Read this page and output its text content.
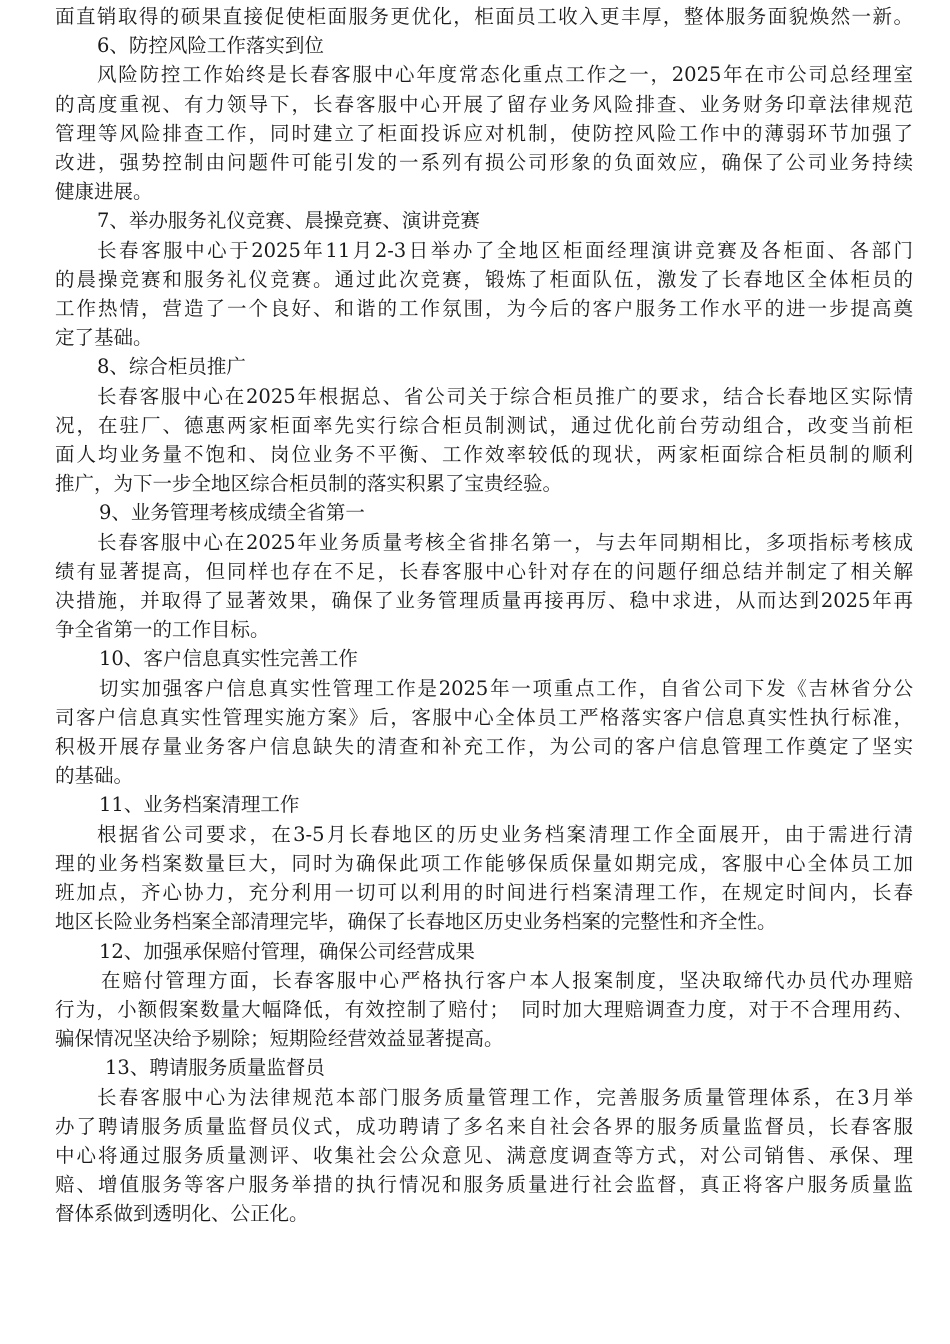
面直销取得的硕果直接促使柜面服务更优化，柜面员工收入更丰厚，整体服务面貌焕然一新。
6、防控风险工作落实到位
风险防控工作始终是长春客服中心年度常态化重点工作之一，2025年在市公司总经理室
的高度重视、有力领导下，长春客服中心开展了留存业务风险排查、业务财务印章法律规范
管理等风险排查工作，同时建立了柜面投诉应对机制，使防控风险工作中的薄弱环节加强了
改进，强势控制由问题件可能引发的一系列有损公司形象的负面效应，确保了公司业务持续
健康进展。
7、举办服务礼仪竞赛、晨操竞赛、演讲竞赛
长春客服中心于2025年11月2-3日举办了全地区柜面经理演讲竞赛及各柜面、各部门
的晨操竞赛和服务礼仪竞赛。通过此次竞赛，锻炼了柜面队伍，激发了长春地区全体柜员的
工作热情，营造了一个良好、和谐的工作氛围，为今后的客户服务工作水平的进一步提高奠
定了基础。
8、综合柜员推广
长春客服中心在2025年根据总、省公司关于综合柜员推广的要求，结合长春地区实际情
况，在驻厂、德惠两家柜面率先实行综合柜员制测试，通过优化前台劳动组合，改变当前柜
面人均业务量不饱和、岗位业务不平衡、工作效率较低的现状，两家柜面综合柜员制的顺利
推广，为下一步全地区综合柜员制的落实积累了宝贵经验。
9、业务管理考核成绩全省第一
长春客服中心在2025年业务质量考核全省排名第一，与去年同期相比，多项指标考核成
绩有显著提高，但同样也存在不足，长春客服中心针对存在的问题仔细总结并制定了相关解
决措施，并取得了显著效果，确保了业务管理质量再接再厉、稳中求进，从而达到2025年再
争全省第一的工作目标。
10、客户信息真实性完善工作
切实加强客户信息真实性管理工作是2025年一项重点工作，自省公司下发《吉林省分公
司客户信息真实性管理实施方案》后，客服中心全体员工严格落实客户信息真实性执行标准，
积极开展存量业务客户信息缺失的清查和补充工作，为公司的客户信息管理工作奠定了坚实
的基础。
11、业务档案清理工作
根据省公司要求，在3-5月长春地区的历史业务档案清理工作全面展开，由于需进行清
理的业务档案数量巨大，同时为确保此项工作能够保质保量如期完成，客服中心全体员工加
班加点，齐心协力，充分利用一切可以利用的时间进行档案清理工作，在规定时间内，长春
地区长险业务档案全部清理完毕，确保了长春地区历史业务档案的完整性和齐全性。
12、加强承保赔付管理，确保公司经营成果
在赔付管理方面，长春客服中心严格执行客户本人报案制度，坚决取缔代办员代办理赔
行为，小额假案数量大幅降低，有效控制了赔付；　同时加大理赔调查力度，对于不合理用药、
骗保情况坚决给予剔除；短期险经营效益显著提高。
13、聘请服务质量监督员
长春客服中心为法律规范本部门服务质量管理工作，完善服务质量管理体系，在3月举
办了聘请服务质量监督员仪式，成功聘请了多名来自社会各界的服务质量监督员，长春客服
中心将通过服务质量测评、收集社会公众意见、满意度调查等方式，对公司销售、承保、理
赔、增值服务等客户服务举措的执行情况和服务质量进行社会监督，真正将客户服务质量监
督体系做到透明化、公正化。
